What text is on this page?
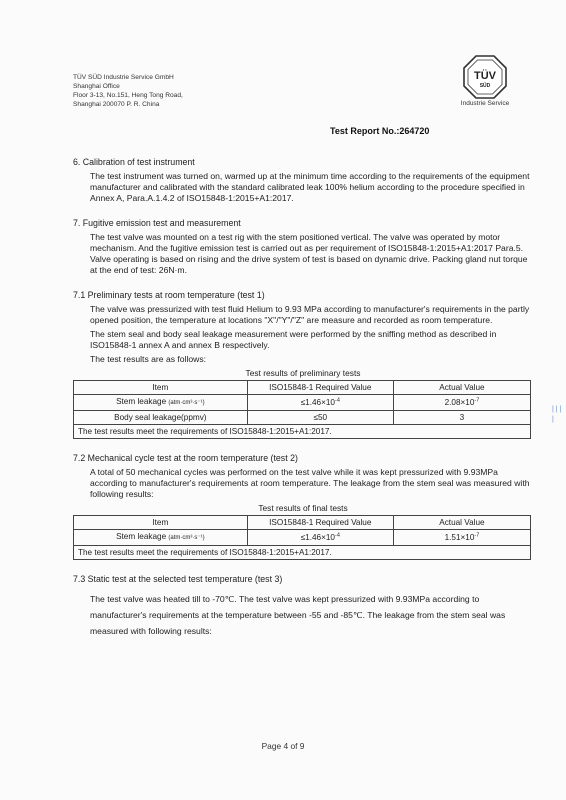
TÜV SÜD Industrie Service GmbH
Shanghai Office
Floor 3-13, No.151, Heng Tong Road,
Shanghai 200070 P. R. China
TÜV
SÜD
Industrie Service
Test Report No.:264720

6. Calibration of test instrument

The test instrument was turned on, warmed up at the minimum time according to the requirements of the equipment manufacturer and calibrated with the standard calibrated leak 100% helium according to the procedure specified in Annex A, Para.A.1.4.2 of ISO15848-1:2015+A1:2017.

7. Fugitive emission test and measurement

The test valve was mounted on a test rig with the stem positioned vertical. The valve was operated by motor mechanism. And the fugitive emission test is carried out as per requirement of ISO15848-1:2015+A1:2017 Para.5. Valve operating is based on rising and the drive system of test is based on dynamic drive. Packing gland nut torque at the end of test: 26N·m.

7.1 Preliminary tests at room temperature (test 1)

The valve was pressurized with test fluid Helium to 9.93 MPa according to manufacturer's requirements in the partly opened position, the temperature at locations "X"/"Y"/"Z" are measure and recorded as room temperature.

The stem seal and body seal leakage measurement were performed by the sniffing method as described in ISO15848-1 annex A and annex B respectively.

The test results are as follows:

Test results of preliminary tests
Item	ISO15848-1 Required Value	Actual Value
Stem leakage (atm·cm³·s⁻¹)	$\le 1.46\times 10^{-4}$	$2.08\times 10^{-7}$
Body seal leakage(ppmv)	≤50	3
The test results meet the requirements of ISO15848-1:2015+A1:2017.		

7.2 Mechanical cycle test at the room temperature (test 2)

A total of 50 mechanical cycles was performed on the test valve while it was kept pressurized with 9.93MPa according to manufacturer's requirements at room temperature. The leakage from the stem seal was measured with following results:

Test results of final tests
Item	ISO15848-1 Required Value	Actual Value
Stem leakage (atm·cm³·s⁻¹)	$\le 1.46\times 10^{-4}$	$1.51\times 10^{-7}$
The test results meet the requirements of ISO15848-1:2015+A1:2017.		

7.3 Static test at the selected test temperature (test 3)

The test valve was heated till to -70℃. The test valve was kept pressurized with 9.93MPa according to manufacturer's requirements at the temperature between -55 and -85℃. The leakage from the stem seal was measured with following results:

| | | |
Page 4 of 9
